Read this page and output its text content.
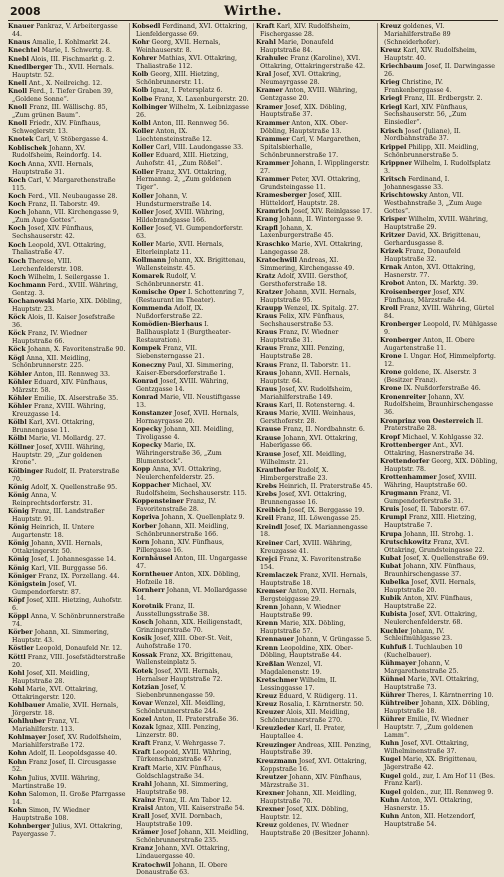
2008	Wirthe.
Knauer Pankraz, V. Arbeitergasse 44.
Knaus Amalie, I. Kohlmarkt 24.
Knechtel Marie, I. Schwertg. 8.
Knebl Alois, III. Fischmarkt g. 2.
Knedlberger Th., XVII. Hernals. Hauptstr. 52.
Knell Ant., X. Neilreichg. 12.
Knoll Ferd., I. Tiefer Graben 39, „Goldene Sonne“.
Knoll Franz, III. Wällischg. 85, „Zum grünen Baum“.
Knoll Friedr., XIV. Fünfhaus, Schweglerstr. 13.
Knotek Carl, V. Stöbergasse 4.
Koblischek Johann, XV. Rudolfsheim, Reindorfg. 14.
Koch Anna, XVII. Hernals, Hauptstraße 31.
Koch Carl, V. Margarethenstraße 115.
Koch Ferd., VII. Neubaugasse 28.
Koch Franz, II. Taborstr. 49.
Koch Johann, VII. Kirchengasse 9, „Zum Auge Gottes“.
Koch Josef, XIV. Fünfhaus, Sechshauserstr. 42.
Koch Leopold, XVI. Ottakring, Thaliastraße 47.
Koch Therese, VIII. Lerchenfelderstr. 108.
Koch Wilhelm, I. Seilergasse 1.
Kochmann Ferd., XVIII. Währing, Gentzg. 3.
Kochanowski Marie, XIX. Döbling, Hauptstr. 23.
Köck Alois, II. Kaiser Josefstraße 36.
Köck Franz, IV. Wiedner Hauptstraße 66.
Köck Johann, X. Favoritenstraße 90.
Kögl Anna, XII. Meidling, Schönbrunnerstr. 225.
Köhler Anton, III. Rennweg 33.
Köhler Eduard, XIV. Fünfhaus, Märzstr. 58.
Köhler Emilie, IX. Alserstraße 35.
Köhler Franz, XVIII. Währing, Kreuzgasse 14.
Kölbl Karl, XVI. Ottakring, Brunnengasse 11.
Kölbl Marie, VI. Mollardg. 27.
Köllner Josef, XVIII. Währing, Hauptstr. 29, „Zur goldenen Krone“.
Kölbinger Rudolf, II. Praterstraße 70.
König Adolf, X. Quellenstraße 95.
König Anna, V. Reinprechtsdorferstr. 31.
König Franz, III. Landstraßer Hauptstr. 91.
König Heinrich, II. Untere Augartenstr. 18.
König Johann, XVII. Hernals, Ottakringerstr. 50.
König Josef, I. Johannesgasse 14.
König Karl, VII. Burggasse 56.
Königer Franz, IX. Porzellang. 44.
Königstein Josef, VI. Gumpendorferstr. 87.
Köpf Josef, XIII. Hietzing, Auhofstr. 6.
Köppl Anna, V. Schönbrunnerstraße 74.
Körber Johann, XI. Simmering, Hauptstr. 43.
Köstler Leopold, Donaufeld Nr. 12.
Köttl Franz, VIII. Josefstädterstraße 20.
Kohl Josef, XII. Meidling, Hauptstraße 28.
Kohl Marie, XVI. Ottakring, Ottakringerstr. 120.
Kohlbauer Amalie, XVII. Hernals, Jörgerstr. 18.
Kohlhuber Franz, VI. Mariahilferstr. 113.
Kohlmayer Josef, XV. Rudolfsheim, Mariahilferstraße 172.
Kohn Adolf, II. Leopoldsgasse 40.
Kohn Franz Josef, II. Circusgasse 52.
Kohn Julius, XVIII. Währing, Martinstraße 19.
Kohn Salomon, II. Große Pfarrgasse 14.
Kohn Simon, IV. Wiedner Hauptstraße 108.
Kohnberger Julius, XVI. Ottakring, Payergasse 7.
Kobsedl Ferdinand, XVI. Ottakring, Lienfeldergasse 69.
Kohr Georg, XVII. Hernals, Weinhauserstr. 8.
Kohrer Mathias, XVI. Ottakring, Thaliastraße 112.
Kolb Georg, XIII. Hietzing, Schönbrunnerstr. 11.
Kolb Ignaz, I. Petersplatz 6.
Kolbe Franz, X. Laxenburgerstr. 20.
Kolbinger Wilhelm, X. Leibnizgasse 26.
Kolbl Anton, III. Rennweg 56.
Koller Anton, IX. Liechtensteinstraße 12.
Koller Carl, VIII. Laudongasse 33.
Koller Eduard, XIII. Hietzing, Auhofstr. 41, „Zum Rößel“.
Koller Franz, XVI. Ottakring, Hermanng. 2, „Zum goldenen Tiger“.
Koller Johann, V. Hundsturmerstraße 14.
Koller Josef, XVIII. Währing, Hildebrandgasse 166.
Koller Josef, VI. Gumpendorferstr. 63.
Koller Marie, XVII. Hernals, Elterleinplatz 11.
Kollmann Johann, XX. Brigittenau, Wallensteinstr. 45.
Komarek Rudolf, V. Schönbrunnerstr. 41.
Komische Oper I. Schottenring 7, (Restaurant im Theater).
Kommenda Adolf, IX. Nußdorferstraße 22.
Komödien-Bierhaus I. Ballhausplatz 1 (Burgtheater-Restauration).
Kompek Franz, VII. Siebensterngasse 21.
Koneczny Paul, XI. Simmering, Kaiser-Ebersdorferstraße 1.
Konrad Josef, XVIII. Währing, Gentzgasse 14.
Konrad Marie, VII. Neustiftgasse 13.
Konstanzer Josef, XVII. Hernals, Hormayrgasse 20.
Kopecky Johann, XII. Meidling, Tivoligasse 4.
Kopecky Marie, IX. Währingerstraße 36, „Zum Blumenstock“.
Kopp Anna, XVI. Ottakring, Neulerchenfelderstr. 25.
Koppacher Michael, XV. Rudolfsheim, Sechshauserstr. 115.
Koppensteiner Franz, IV. Favoritenstraße 28.
Kopriva Johann, X. Quellenplatz 9.
Korber Johann, XII. Meidling, Schönbrunnerstraße 166.
Korn Johann, XIV. Fünfhaus, Pillergasse 16.
Kornhäusel Anton, III. Ungargasse 47.
Korntheuer Anton, XIX. Döbling, Hofzeile 18.
Kornherr Johann, VI. Mollardgasse 14.
Korotnik Franz, II. Ausstellungsstraße 38.
Kosch Johann, XIX. Heiligenstadt, Grinzingerstraße 70.
Kosik Josef, XIII. Ober-St. Veit, Auhofstraße 170.
Kossak Franz, XX. Brigittenau, Wallensteinplatz 5.
Kotek Josef, XVII. Hernals, Hernalser Hauptstraße 72.
Kotzian Josef, V. Siebenbrunnengasse 59.
Kovar Wenzel, XII. Meidling, Schönbrunnerstraße 244.
Kozel Anton, II. Praterstraße 36.
Kozak Ignaz, XIII. Penzing, Linzerstr. 80.
Kraft Franz, V. Wehrgasse 7.
Kraft Leopold, XVIII. Währing, Türkenschanzstraße 47.
Kraft Marie, XIV. Fünfhaus, Goldschlagstraße 34.
Krahl Johann, XI. Simmering, Hauptstraße 98.
Krainz Franz, II. Am Tabor 12.
Kraisl Anton, VII. Kaiserstraße 54.
Krall Josef, XVII. Dornbach, Hauptstraße 109.
Krämer Josef Johann, XII. Meidling, Schönbrunnerstraße 235.
Kranz Johann, XVI. Ottakring, Lindauergasse 40.
Kratochwil Johann, II. Obere Donaustraße 63.
Kraft Karl, XIV. Rudolfsheim, Fischergasse 28.
Krahl Marie, Donaufeld Hauptstraße 84.
Krahulec Franz (Karoline), XVI. Ottakring, Ottakringerstraße 42.
Kral Josef, XVI. Ottakring, Neumayrgasse 28.
Kramer Anton, XVIII. Währing, Gentzgasse 20.
Kramer Josef, XIX. Döbling, Hauptstraße 37.
Krammer Anton, XIX. Ober-Döbling, Hauptstraße 13.
Krammer Carl, V. Margarethen, Spitalsbierhalle, Schönbrunnerstraße 17.
Krammer Johann, I. Wipplingerstr. 27.
Krammer Peter, XVI. Ottakring, Grundsteingasse 11.
Kramesberger Josef, XIII. Hütteldorf, Hauptstr. 28.
Kramrich Josef, XIV. Reinlgasse 17.
Krang Johann, II. Wintergasse 9.
Krapfl Johann, X. Laxenburgerstraße 45.
Kraschko Marie, XVI. Ottakring, Langegasse 28.
Kratochwill Andreas, XI. Simmering, Kirchengasse 49.
Kratz Adolf, XVIII. Gersthof, Gersthoferstraße 18.
Kratzer Johann, XVII. Hernals, Hauptstraße 95.
Kraupp Wenzel, IX. Spitalg. 27.
Kraus Felix, XIV. Fünfhaus, Sechshauserstraße 53.
Kraus Franz, IV. Wiedner Hauptstraße 31.
Kraus Franz, XIII. Penzing, Hauptstraße 28.
Kraus Franz, II. Taborstr. 11.
Kraus Johann, XVII. Hernals, Hauptstr. 64.
Kraus Josef, XV. Rudolfsheim, Mariahilferstraße 149.
Kraus Karl, II. Rotensterng. 4.
Kraus Marie, XVIII. Weinhaus, Gersthoferstr. 28.
Krause Franz, II. Nordbahnstr. 6.
Krause Johann, XVI. Ottakring, Haberlgasse 66.
Krause Josef, XII. Meidling, Wilhelmstr. 21.
Krauthofer Rudolf, X. Himbergerstraße 23.
Krebs Heinrich, II. Praterstraße 45.
Krebs Josef, XVI. Ottakring, Brunnengasse 16.
Kreibich Josef, IX. Berggasse 19.
Kreil Franz, III. Löwengasse 25.
Kreindl Josef, IX. Mariannengasse 18.
Kreiner Carl, XVIII. Währing, Kreuzgasse 41.
Krejci Franz, X. Favoritenstraße 154.
Kremlaczek Franz, XVII. Hernals, Hauptstraße 18.
Kremser Anton, XVII. Hernals, Bergsteiggasse 29.
Krenn Johann, V. Wiedner Hauptstraße 99.
Krenn Marie, XIX. Döbling, Hauptstraße 57.
Krennauer Johann, V. Grüngasse 5.
Krenn Leopoldine, XIX. Ober-Döbling, Hauptstraße 44.
Kreßlan Wenzel, VI. Magdalenenstr. 19.
Kretschmer Wilhelm, II. Lessinggasse 17.
Kreuz Eduard, V. Rüdigerg. 11.
Kreuz Rosalia, I. Kärntnerstr. 50.
Kreuzer Alois, XII. Meidling, Schönbrunnerstraße 270.
Kreuzleder Karl, II. Prater, Hauptallee 4.
Kreuzinger Andreas, XIII. Penzing, Hauptstraße 39.
Kreuzmann Josef, XVI. Ottakring, Koppstraße 16.
Kreutzer Johann, XIV. Fünfhaus, Märzstraße 31.
Krexner Johann, XII. Meidling, Hauptstraße 70.
Krexner Josef, XIX. Döbling, Hauptstr. 12.
Kreuz goldenes, IV. Wiedner Hauptstraße 20 (Besitzer Johann).
Kreuz goldenes, VI. Mariahilferstraße 89 (Schneiderhofer).
Kreuz Karl, XIV. Rudolfsheim, Hauptstr. 40.
Kriechbaum Josef, II. Darwingasse 26.
Krieg Christine, IV. Frankenberggasse 4.
Kriegl Franz, III. Erdbergstr. 2.
Kriegl Karl, XIV. Fünfhaus, Sechshauserstr. 56, „Zum Einsiedler“.
Krisch Josef (Juliane), II. Nordbahnstraße 37.
Krippel Philipp, XII. Meidling, Schönbrunnerstraße 5.
Krippner Wilhelm, I. Rudolfsplatz 3.
Kritsch Ferdinand, I. Johannesgasse 33.
Krischtowsky Anton, VII. Westbahnstraße 3, „Zum Auge Gottes“.
Krisper Wilhelm, XVIII. Währing, Hauptstraße 29.
Kritzer David, XX. Brigittenau, Gerhardusgasse 8.
Krizek Franz, Donaufeld Hauptstraße 32.
Krnak Anton, XVI. Ottakring, Hasnerstr. 77.
Krobot Anton, IX. Marktg. 39.
Kroisenberger Josef, XIV. Fünfhaus, Märzstraße 44.
Kroll Franz, XVIII. Währing, Gürtel 84.
Kronberger Leopold, IV. Mühlgasse 9.
Kronberger Anton, II. Obere Augartenstraße 11.
Krone I. Ungar. Hof, Himmelpfortg. 12.
Krone goldene, IX. Alserstr. 3 (Besitzer Franz).
Krone IX. Nußdorferstraße 46.
Kronenreiter Johann, XV. Rudolfsheim, Braunhirschengasse 36.
Kronprinz von Oesterreich II. Praterstraße 28.
Kropf Michael, V. Kohlgasse 32.
Krottenberger Ant., XVI. Ottakring, Hasnerstraße 34.
Krottendorfer Georg, XIX. Döbling, Hauptstr. 78.
Krottenhammer Josef, XVIII. Währing, Hauptstraße 60.
Krugmann Franz, VI. Gumpendorferstraße 31.
Kruis Josef, II. Taborstr. 67.
Krumpl Franz, XIII. Hietzing, Hauptstraße 7.
Krupa Johann, III. Strohg. 1.
Krutschkowitz Franz, XVI. Ottakring, Grundsteingasse 22.
Kubat Josef, X. Quellenstraße 69.
Kubat Johann, XIV. Fünfhaus, Braunhirschengasse 37.
Kubelka Josef, XVII. Hernals, Hauptstraße 20.
Kubik Anton, XIV. Fünfhaus, Hauptstraße 22.
Kubista Josef, XVI. Ottakring, Neulerchenfelderstr. 68.
Kuchler Johann, IV. Schleifmühlgasse 23.
Kuhfuß I. Tuchlauben 10 (Kuchelbauer).
Kühmayer Johann, V. Margarethenstraße 25.
Kühnel Marie, XVI. Ottakring, Hauptstraße 73.
Kührer Theres, I. Kärntnerring 10.
Kühtreiber Johann, XIX. Döbling, Hauptstraße 18.
Kührer Emilie, IV. Wiedner Hauptstr. 7, „Zum goldenen Lamm“.
Kuhn Josef, XVI. Ottakring, Wilhelminenstraße 37.
Kugel Marie, XX. Brigittenau, Jägerstraße 42.
Kugel gold., zur, I. Am Hof 11 (Bes. Franz Karl).
Kugel golden., zur, III. Rennweg 9.
Kuhn Anton, XVI. Ottakring, Hasnerstr. 15.
Kuhn Anton, XII. Hetzendorf, Hauptstraße 54.
